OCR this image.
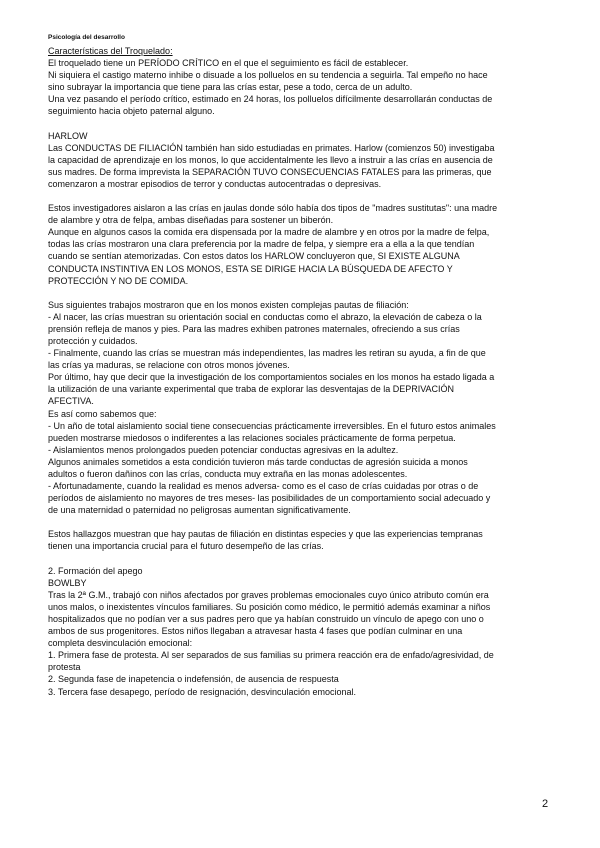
Psicología del desarrollo

Características del Troquelado:

El troquelado tiene un PERÍODO CRÍTICO en el que el seguimiento es fácil de establecer.

Ni siquiera el castigo materno inhibe o disuade a los polluelos en su tendencia a seguirla. Tal empeño no hace

sino subrayar la importancia que tiene para las crías estar, pese a todo, cerca de un adulto.

Una vez pasando el período crítico, estimado en 24 horas, los polluelos difícilmente desarrollarán conductas de

seguimiento hacia objeto paternal alguno.

HARLOW

Las CONDUCTAS DE FILIACIÓN también han sido estudiadas en primates. Harlow (comienzos 50) investigaba

la capacidad de aprendizaje en los monos, lo que accidentalmente les llevo a instruir a las crías en ausencia de

sus madres. De forma imprevista la SEPARACIÓN TUVO CONSECUENCIAS FATALES para las primeras, que

comenzaron a mostrar episodios de terror y conductas autocentradas o depresivas.

Estos investigadores aislaron a las crías en jaulas donde sólo había dos tipos de "madres sustitutas": una madre

de alambre y otra de felpa, ambas diseñadas para sostener un biberón.

Aunque en algunos casos la comida era dispensada por la madre de alambre y en otros por la madre de felpa,

todas las crías mostraron una clara preferencia por la madre de felpa, y siempre era a ella a la que tendían

cuando se sentían atemorizadas. Con estos datos los HARLOW concluyeron que, SI EXISTE ALGUNA

CONDUCTA INSTINTIVA EN LOS MONOS, ESTA SE DIRIGE HACIA LA BÚSQUEDA DE AFECTO Y

PROTECCIÓN Y NO DE COMIDA.

Sus siguientes trabajos mostraron que en los monos existen complejas pautas de filiación:

- Al nacer, las crías muestran su orientación social en conductas como el abrazo, la elevación de cabeza o la

prensión refleja de manos y pies. Para las madres exhiben patrones maternales, ofreciendo a sus crías

protección y cuidados.

- Finalmente, cuando las crías se muestran más independientes, las madres les retiran su ayuda, a fin de que

las crías ya maduras, se relacione con otros monos jóvenes.

Por último, hay que decir que la investigación de los comportamientos sociales en los monos ha estado ligada a

la utilización de una variante experimental que traba de explorar las desventajas de la DEPRIVACIÓN

AFECTIVA.

Es así como sabemos que:

- Un año de total aislamiento social tiene consecuencias prácticamente irreversibles. En el futuro estos animales

pueden mostrarse miedosos o indiferentes a las relaciones sociales prácticamente de forma perpetua.

- Aislamientos menos prolongados pueden potenciar conductas agresivas en la adultez.

Algunos animales sometidos a esta condición tuvieron más tarde conductas de agresión suicida a monos

adultos o fueron dañinos con las crías, conducta muy extraña en las monas adolescentes.

- Afortunadamente, cuando la realidad es menos adversa- como es el caso de crías cuidadas por otras o de

períodos de aislamiento no mayores de tres meses- las posibilidades de un comportamiento social adecuado y

de una maternidad o paternidad no peligrosas aumentan significativamente.

Estos hallazgos muestran que hay pautas de filiación en distintas especies y que las experiencias tempranas

tienen una importancia crucial para el futuro desempeño de las crías.

2. Formación del apego

BOWLBY

Tras la 2ª G.M., trabajó con niños afectados por graves problemas emocionales cuyo único atributo común era

unos malos, o inexistentes vínculos familiares. Su posición como médico, le permitió además examinar a niños

hospitalizados que no podían ver a sus padres pero que ya habían construido un vínculo de apego con uno o

ambos de sus progenitores. Estos niños llegaban a atravesar hasta 4 fases que podían culminar en una

completa desvinculación emocional:

1. Primera fase de protesta. Al ser separados de sus familias su primera reacción era de enfado/agresividad, de

protesta

2. Segunda fase de inapetencia o indefensión, de ausencia de respuesta

3. Tercera fase desapego, período de resignación, desvinculación emocional.

2
